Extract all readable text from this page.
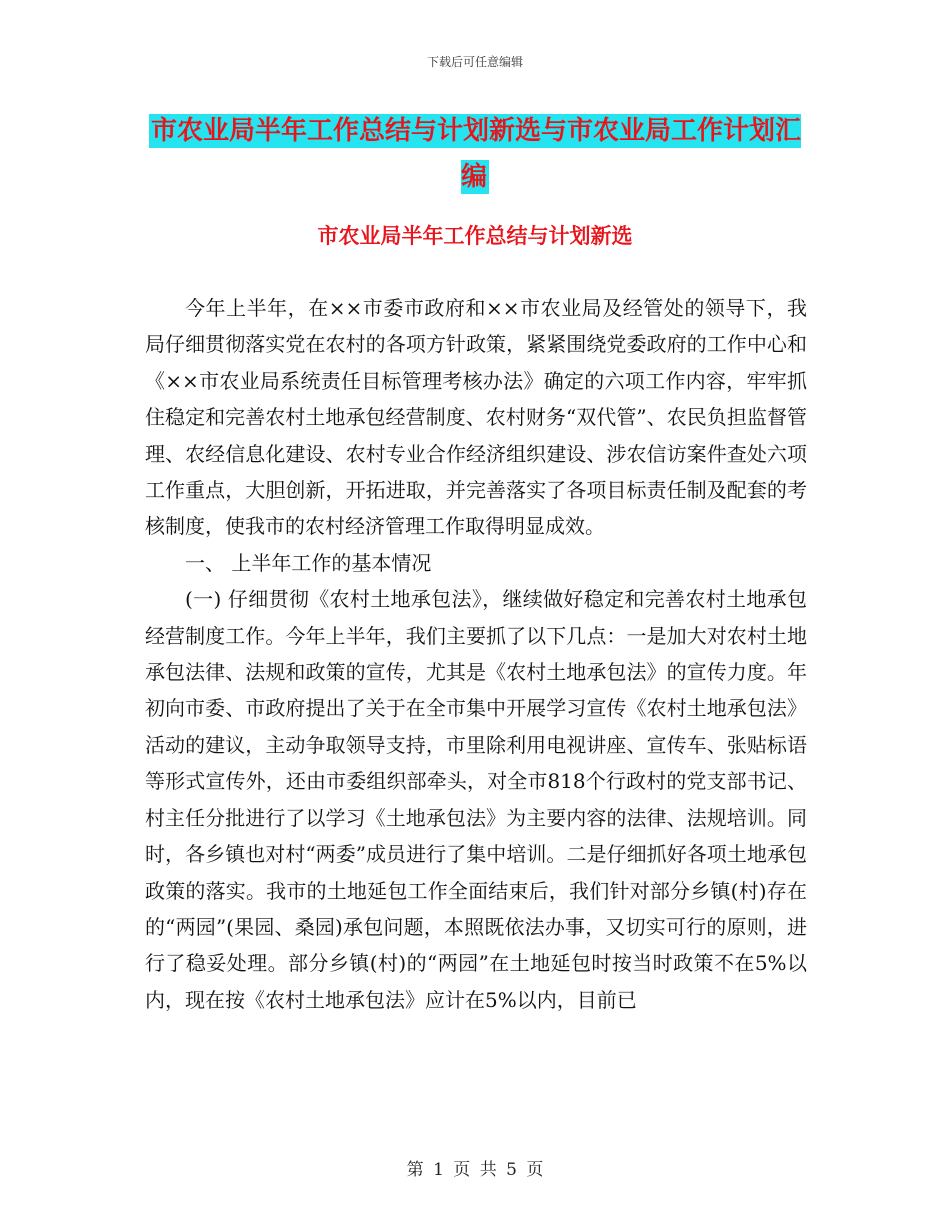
下载后可任意编辑
市农业局半年工作总结与计划新选与市农业局工作计划汇编
市农业局半年工作总结与计划新选

今年上半年，在××市委市政府和××市农业局及经管处的领导下，我局仔细贯彻落实党在农村的各项方针政策，紧紧围绕党委政府的工作中心和《××市农业局系统责任目标管理考核办法》确定的六项工作内容，牢牢抓住稳定和完善农村土地承包经营制度、农村财务“双代管”、农民负担监督管理、农经信息化建设、农村专业合作经济组织建设、涉农信访案件查处六项工作重点，大胆创新，开拓进取，并完善落实了各项目标责任制及配套的考核制度，使我市的农村经济管理工作取得明显成效。

一、 上半年工作的基本情况

(一) 仔细贯彻《农村土地承包法》，继续做好稳定和完善农村土地承包经营制度工作。今年上半年，我们主要抓了以下几点：一是加大对农村土地承包法律、法规和政策的宣传，尤其是《农村土地承包法》的宣传力度。年初向市委、市政府提出了关于在全市集中开展学习宣传《农村土地承包法》活动的建议，主动争取领导支持，市里除利用电视讲座、宣传车、张贴标语等形式宣传外，还由市委组织部牵头，对全市818个行政村的党支部书记、村主任分批进行了以学习《土地承包法》为主要内容的法律、法规培训。同时，各乡镇也对村“两委”成员进行了集中培训。二是仔细抓好各项土地承包政策的落实。我市的土地延包工作全面结束后，我们针对部分乡镇(村)存在的“两园”(果园、桑园)承包问题，本照既依法办事，又切实可行的原则，进行了稳妥处理。部分乡镇(村)的“两园”在土地延包时按当时政策不在5%以内，现在按《农村土地承包法》应计在5%以内，目前已

第 1 页 共 5 页
